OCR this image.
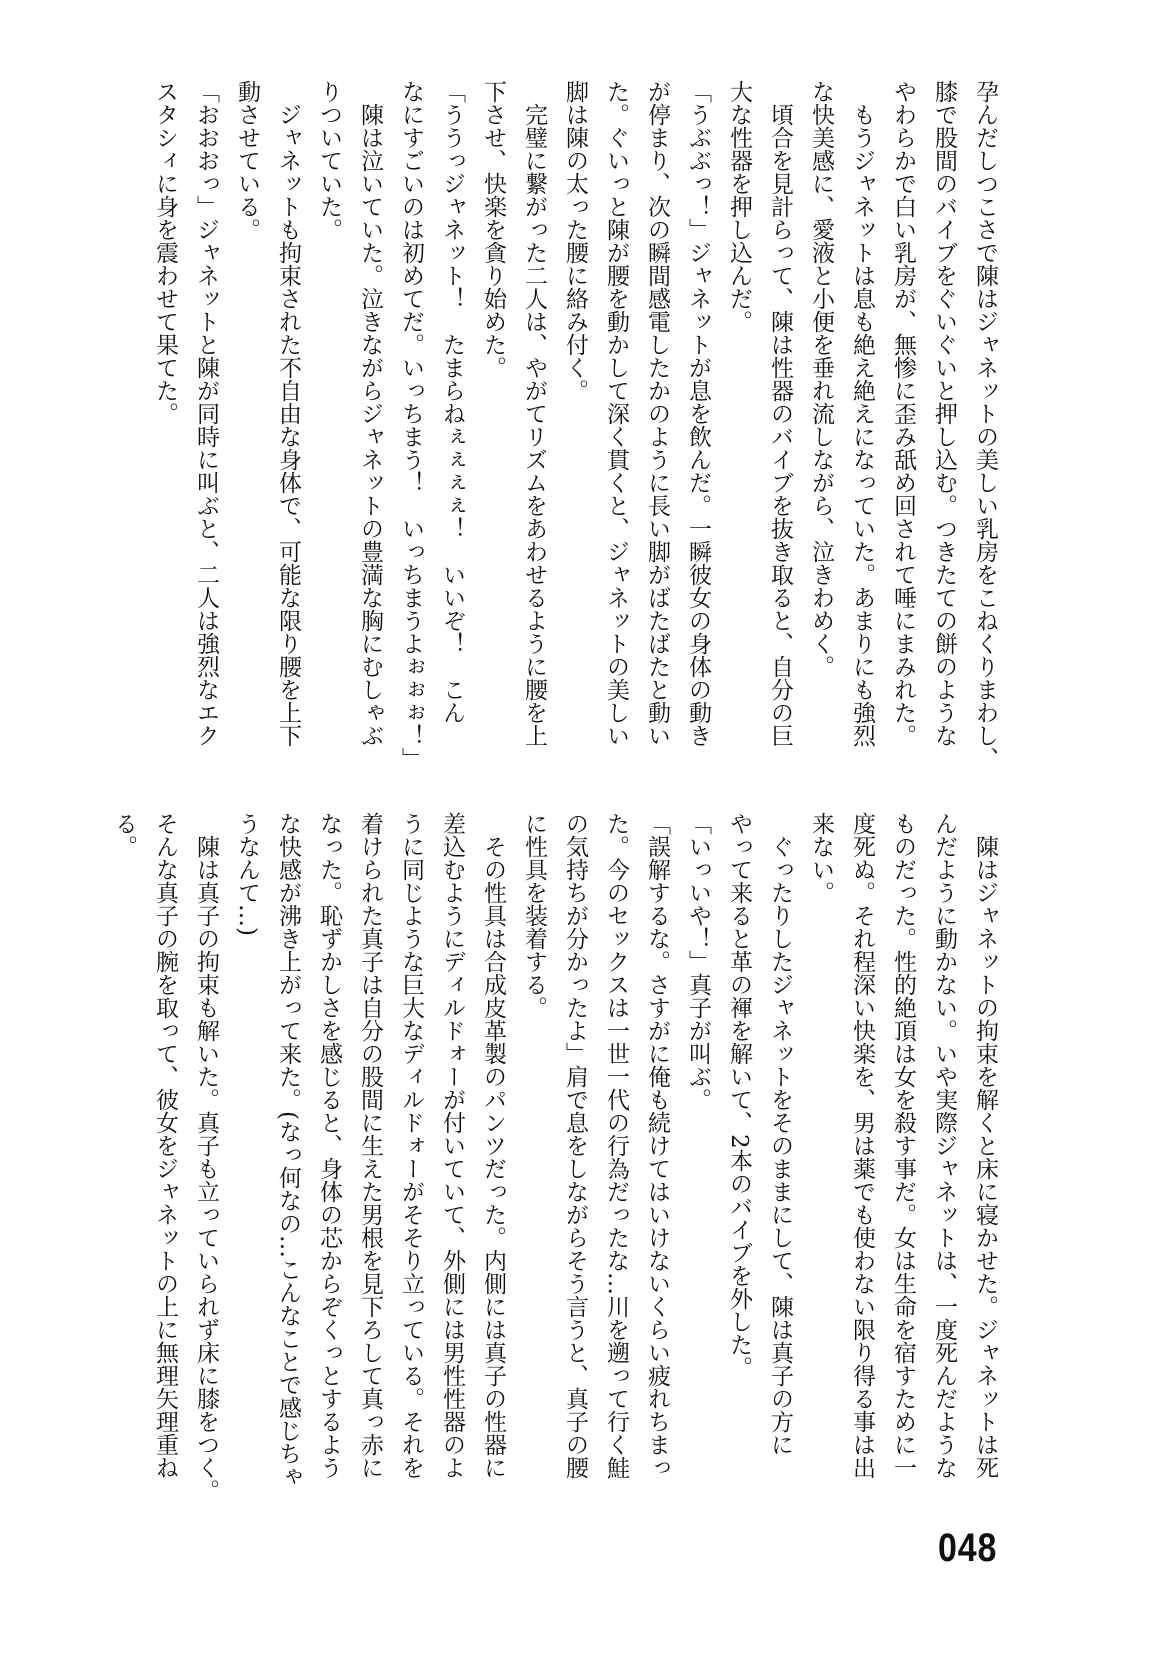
孕んだしつこさで陳はジャネットの美しい乳房をこねくりまわし、
膝で股間のバイブをぐいぐいと押し込む。つきたての餅のような
やわらかで白い乳房が、無惨に歪み舐め回されて唾にまみれた。
　もうジャネットは息も絶え絶えになっていた。あまりにも強烈
な快美感に、愛液と小便を垂れ流しながら、泣きわめく。
　頃合を見計らって、陳は性器のバイブを抜き取ると、自分の巨
大な性器を押し込んだ。
「うぶぶっ！」ジャネットが息を飲んだ。一瞬彼女の身体の動き
が停まり、次の瞬間感電したかのように長い脚がばたばたと動い
た。ぐいっと陳が腰を動かして深く貫くと、ジャネットの美しい
脚は陳の太った腰に絡み付く。
　完璧に繋がった二人は、やがてリズムをあわせるように腰を上
下させ、快楽を貪り始めた。
「ううっジャネット！　たまらねぇぇぇぇ！　いいぞ！　こん
なにすごいのは初めてだ。いっちまう！　いっちまうよぉぉぉ！」
　陳は泣いていた。泣きながらジャネットの豊満な胸にむしゃぶ
りついていた。
　ジャネットも拘束された不自由な身体で、可能な限り腰を上下
動させている。
「おおおっ」ジャネットと陳が同時に叫ぶと、二人は強烈なエク
スタシィに身を震わせて果てた。
　陳はジャネットの拘束を解くと床に寝かせた。ジャネットは死
んだように動かない。いや実際ジャネットは、一度死んだような
ものだった。性的絶頂は女を殺す事だ。女は生命を宿すために一
度死ぬ。それ程深い快楽を、男は薬でも使わない限り得る事は出
来ない。
　ぐったりしたジャネットをそのままにして、陳は真子の方に
やって来ると革の褌を解いて、2本のバイブを外した。
「いっいや！」真子が叫ぶ。
「誤解するな。さすがに俺も続けてはいけないくらい疲れちまっ
た。今のセックスは一世一代の行為だったな…川を遡って行く鮭
の気持ちが分かったよ」肩で息をしながらそう言うと、真子の腰
に性具を装着する。
　その性具は合成皮革製のパンツだった。内側には真子の性器に
差込むようにディルドォーが付いていて、外側には男性性器のよ
うに同じような巨大なディルドォーがそそり立っている。それを
着けられた真子は自分の股間に生えた男根を見下ろして真っ赤に
なった。恥ずかしさを感じると、身体の芯からぞくっとするよう
な快感が沸き上がって来た。(なっ何なの…こんなことで感じちゃ
うなんて…)
　陳は真子の拘束も解いた。真子も立っていられず床に膝をつく。
そんな真子の腕を取って、彼女をジャネットの上に無理矢理重ね
る。
048
